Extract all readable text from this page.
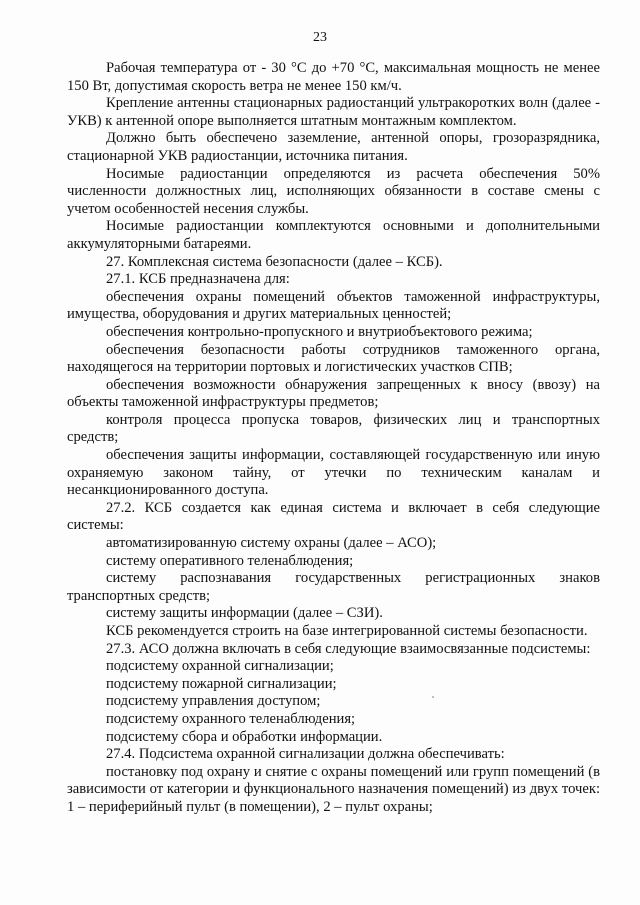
23

Рабочая температура от - 30 °С до +70 °С, максимальная мощность не менее 150 Вт, допустимая скорость ветра не менее 150 км/ч.

Крепление антенны стационарных радиостанций ультракоротких волн (далее - УКВ) к антенной опоре выполняется штатным монтажным комплектом.

Должно быть обеспечено заземление, антенной опоры, грозоразрядника, стационарной УКВ радиостанции, источника питания.

Носимые радиостанции определяются из расчета обеспечения 50% численности должностных лиц, исполняющих обязанности в составе смены с учетом особенностей несения службы.

Носимые радиостанции комплектуются основными и дополнительными аккумуляторными батареями.

27. Комплексная система безопасности (далее – КСБ).

27.1. КСБ предназначена для:

обеспечения охраны помещений объектов таможенной инфраструктуры, имущества, оборудования и других материальных ценностей;

обеспечения контрольно-пропускного и внутриобъектового режима;

обеспечения безопасности работы сотрудников таможенного органа, находящегося на территории портовых и логистических участков СПВ;

обеспечения возможности обнаружения запрещенных к вносу (ввозу) на объекты таможенной инфраструктуры предметов;

контроля процесса пропуска товаров, физических лиц и транспортных средств;

обеспечения защиты информации, составляющей государственную или иную охраняемую законом тайну, от утечки по техническим каналам и несанкционированного доступа.

27.2. КСБ создается как единая система и включает в себя следующие системы:

автоматизированную систему охраны (далее – АСО);

систему оперативного теленаблюдения;

систему распознавания государственных регистрационных знаков транспортных средств;

систему защиты информации (далее – СЗИ).

КСБ рекомендуется строить на базе интегрированной системы безопасности.

27.3. АСО должна включать в себя следующие взаимосвязанные подсистемы:

подсистему охранной сигнализации;

подсистему пожарной сигнализации;

подсистему управления доступом;

подсистему охранного теленаблюдения;

подсистему сбора и обработки информации.

27.4. Подсистема охранной сигнализации должна обеспечивать:

постановку под охрану и снятие с охраны помещений или групп помещений (в зависимости от категории и функционального назначения помещений) из двух точек: 1 – периферийный пульт (в помещении), 2 – пульт охраны;
